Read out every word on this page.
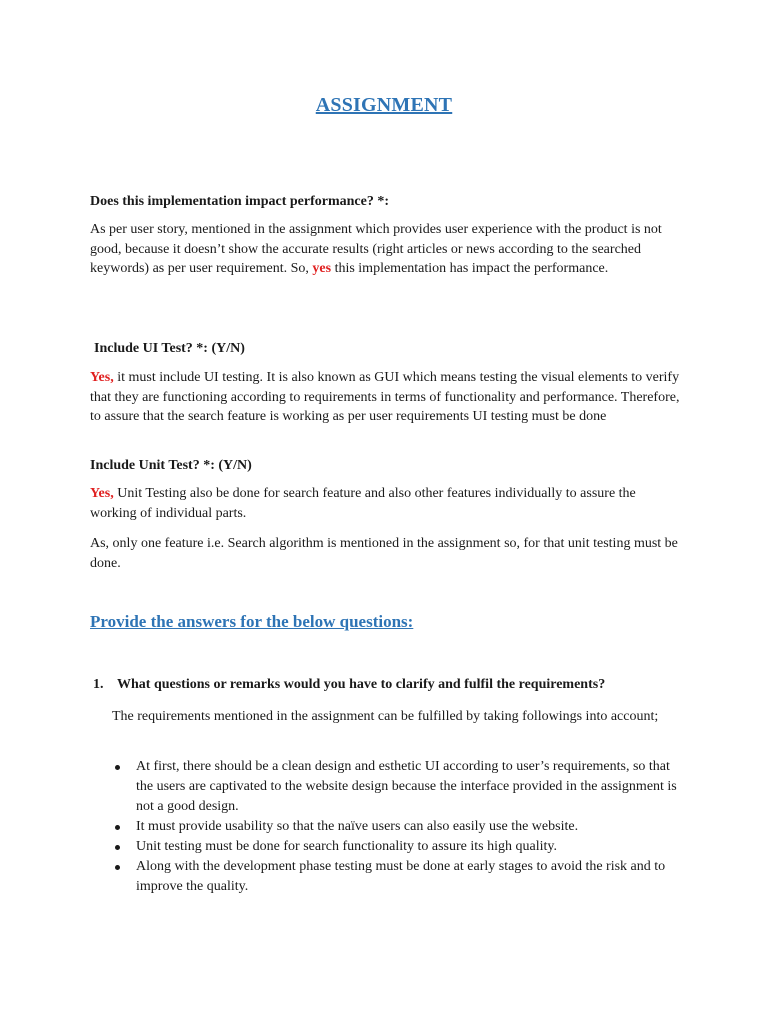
ASSIGNMENT
Does this implementation impact performance? *:
As per user story, mentioned in the assignment which provides user experience with the product is not good, because it doesn’t show the accurate results (right articles or news according to the searched keywords) as per user requirement. So, yes this implementation has impact the performance.
Include UI Test? *: (Y/N)
Yes, it must include UI testing. It is also known as GUI which means testing the visual elements to verify that they are functioning according to requirements in terms of functionality and performance. Therefore, to assure that the search feature is working as per user requirements UI testing must be done
Include Unit Test? *: (Y/N)
Yes, Unit Testing also be done for search feature and also other features individually to assure the working of individual parts.
As, only one feature i.e. Search algorithm is mentioned in the assignment so, for that unit testing must be done.
Provide the answers for the below questions:
1. What questions or remarks would you have to clarify and fulfil the requirements?
The requirements mentioned in the assignment can be fulfilled by taking followings into account;
At first, there should be a clean design and esthetic UI according to user’s requirements, so that the users are captivated to the website design because the interface provided in the assignment is not a good design.
It must provide usability so that the naïve users can also easily use the website.
Unit testing must be done for search functionality to assure its high quality.
Along with the development phase testing must be done at early stages to avoid the risk and to improve the quality.
